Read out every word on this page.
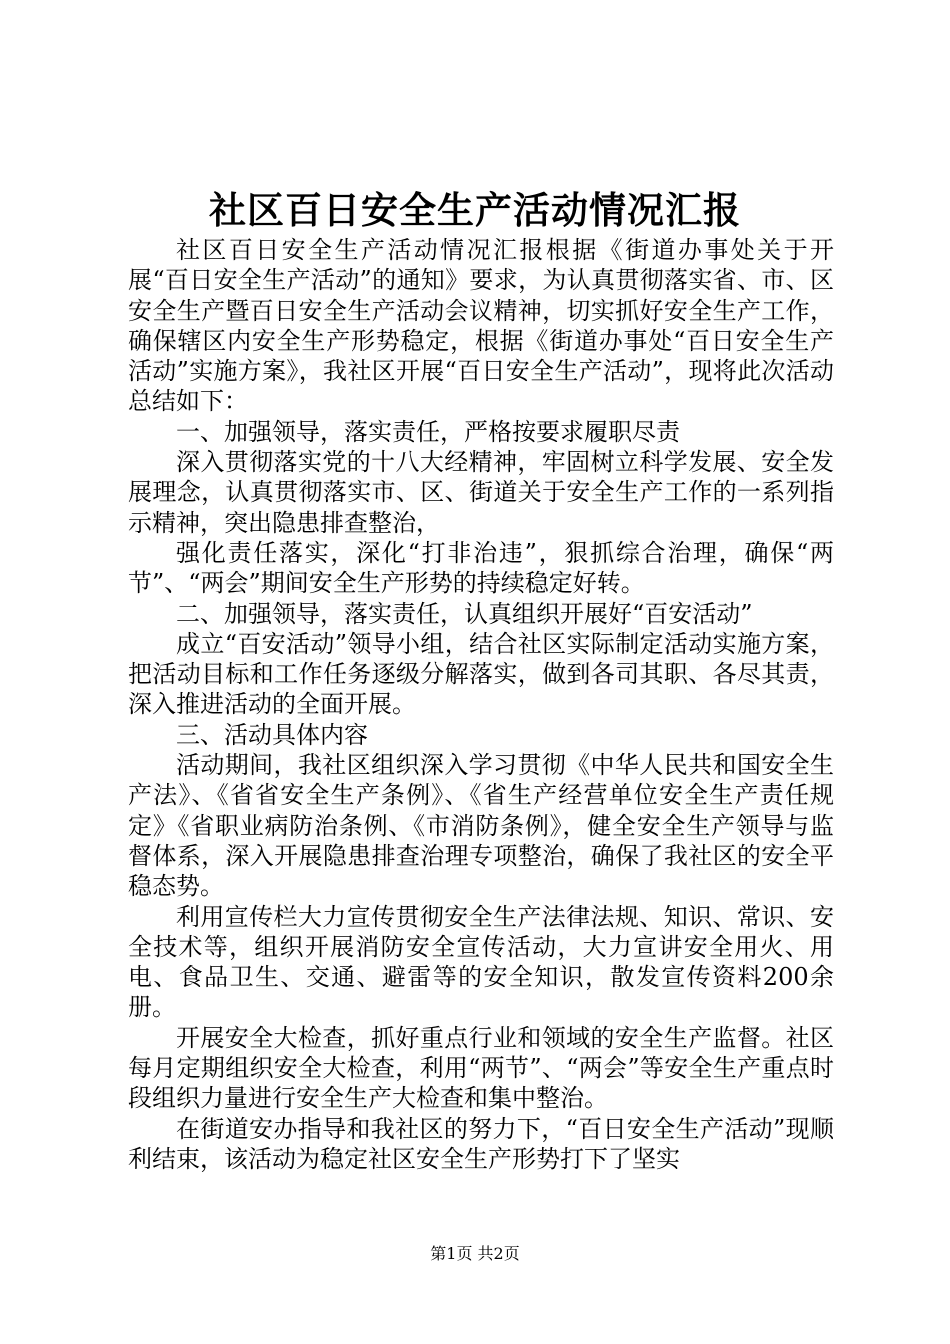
社区百日安全生产活动情况汇报

社区百日安全生产活动情况汇报根据《街道办事处关于开展“百日安全生产活动”的通知》要求，为认真贯彻落实省、市、区安全生产暨百日安全生产活动会议精神，切实抓好安全生产工作，确保辖区内安全生产形势稳定，根据《街道办事处“百日安全生产活动”实施方案》，我社区开展“百日安全生产活动”，现将此次活动总结如下：

一、加强领导，落实责任，严格按要求履职尽责

深入贯彻落实党的十八大经精神，牢固树立科学发展、安全发展理念，认真贯彻落实市、区、街道关于安全生产工作的一系列指示精神，突出隐患排查整治，

强化责任落实，深化“打非治违”，狠抓综合治理，确保“两节”、“两会”期间安全生产形势的持续稳定好转。

二、加强领导，落实责任，认真组织开展好“百安活动”

成立“百安活动”领导小组，结合社区实际制定活动实施方案，把活动目标和工作任务逐级分解落实，做到各司其职、各尽其责，深入推进活动的全面开展。

三、活动具体内容

活动期间，我社区组织深入学习贯彻《中华人民共和国安全生产法》、《省省安全生产条例》、《省生产经营单位安全生产责任规定》《省职业病防治条例、《市消防条例》，健全安全生产领导与监督体系，深入开展隐患排查治理专项整治，确保了我社区的安全平稳态势。

利用宣传栏大力宣传贯彻安全生产法律法规、知识、常识、安全技术等，组织开展消防安全宣传活动，大力宣讲安全用火、用电、食品卫生、交通、避雷等的安全知识，散发宣传资料200余册。

开展安全大检查，抓好重点行业和领域的安全生产监督。社区每月定期组织安全大检查，利用“两节”、“两会”等安全生产重点时段组织力量进行安全生产大检查和集中整治。

在街道安办指导和我社区的努力下，“百日安全生产活动”现顺利结束，该活动为稳定社区安全生产形势打下了坚实

第1页 共2页
